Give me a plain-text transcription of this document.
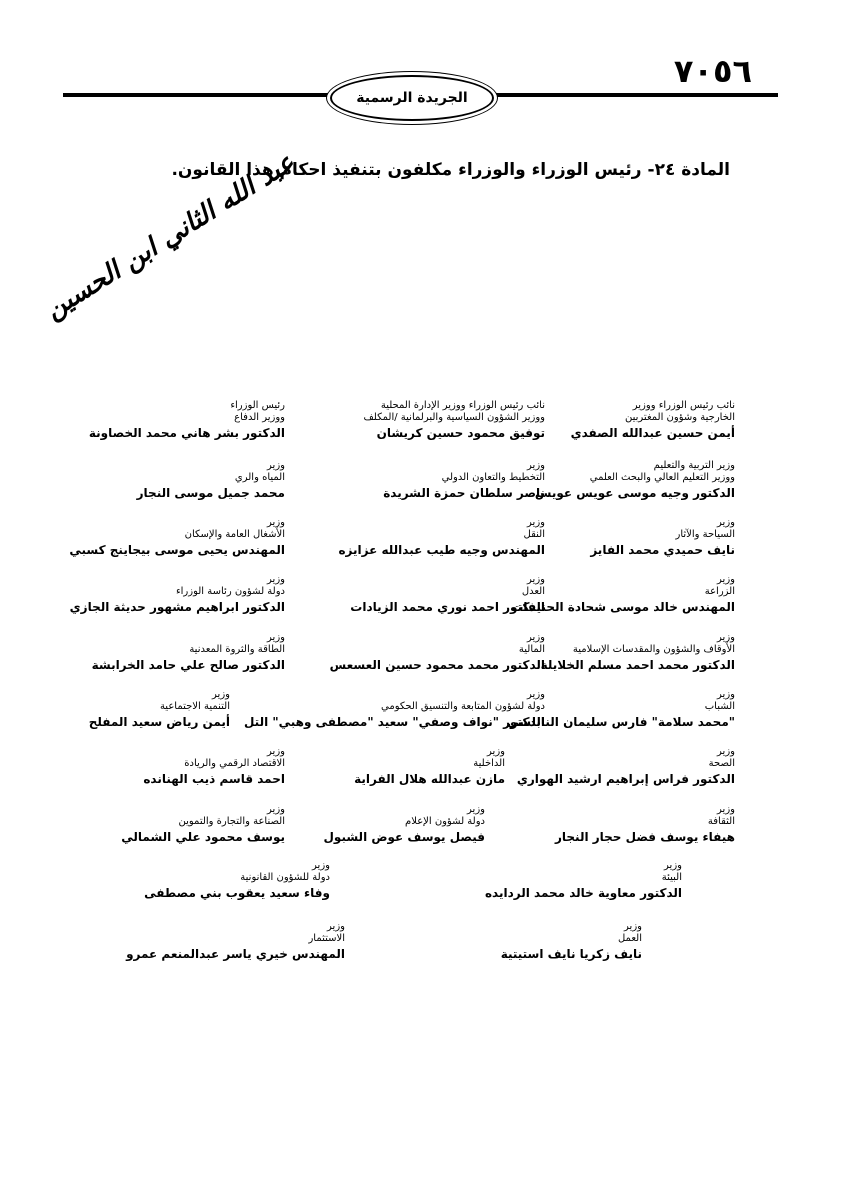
٧٠٥٦
الجريدة الرسمية
المادة ٢٤- رئيس الوزراء والوزراء مكلفون بتنفيذ احكام هذا القانون.
عبد الله الثاني ابن الحسين
نائب رئيس الوزراء ووزير
الخارجية وشؤون المغتربين
أيمن حسين عبدالله الصفدي
نائب رئيس الوزراء ووزير الإدارة المحلية
ووزير الشؤون السياسية والبرلمانية /المكلف
توفيق محمود حسين كريشان
رئيس الوزراء
ووزير الدفاع
الدكتور بشر هاني محمد الخصاونة
وزير التربية والتعليم
ووزير التعليم العالي والبحث العلمي
الدكتور وجيه موسى عويس عويس
وزير
التخطيط والتعاون الدولي
ناصر سلطان حمزة الشريدة
وزير
المياه والري
محمد جميل موسى النجار
وزير
السياحة والآثار
نايف حميدي محمد الفايز
وزير
النقل
المهندس وجيه طيب عبدالله عزايزه
وزير
الأشغال العامة والإسكان
المهندس يحيى موسى بيجاينج كسبي
وزير
الزراعة
المهندس خالد موسى شحادة الحنيفات
وزير
العدل
الدكتور احمد نوري محمد الزيادات
وزير
دولة لشؤون رئاسة الوزراء
الدكتور ابراهيم مشهور حديثة الجازي
وزير
الأوقاف والشؤون والمقدسات الإسلامية
الدكتور محمد احمد مسلم الخلايلة
وزير
المالية
الدكتور محمد محمود حسين العسعس
وزير
الطاقة والثروة المعدنية
الدكتور صالح علي حامد الخرابشة
وزير
الشباب
"محمد سلامة" فارس سليمان النابلسي
وزير
دولة لشؤون المتابعة والتنسيق الحكومي
الدكتور "نواف وصفي" سعيد "مصطفى وهبي" التل
وزير
التنمية الاجتماعية
أيمن رياض سعيد المفلح
وزير
الصحة
الدكتور فراس إبراهيم ارشيد الهواري
وزير
الداخلية
مازن عبدالله هلال الفراية
وزير
الاقتصاد الرقمي والريادة
احمد قاسم ذيب الهنانده
وزير
الثقافة
هيفاء يوسف فضل حجار النجار
وزير
دولة لشؤون الإعلام
فيصل يوسف عوض الشبول
وزير
الصناعة والتجارة والتموين
يوسف محمود علي الشمالي
وزير
البيئة
الدكتور معاوية خالد محمد الردايده
وزير
دولة للشؤون القانونية
وفاء سعيد يعقوب بني مصطفى
وزير
العمل
نايف زكريا نايف استيتية
وزير
الاستثمار
المهندس خيري ياسر عبدالمنعم عمرو
